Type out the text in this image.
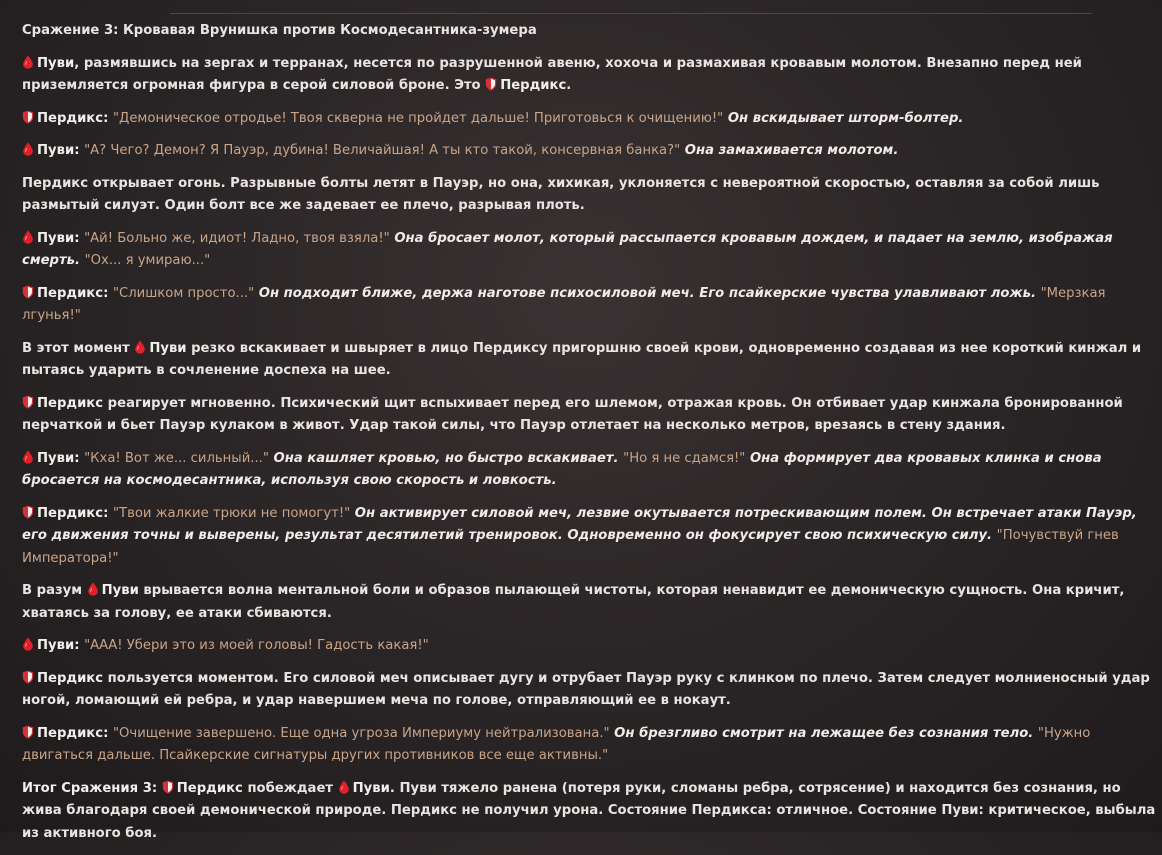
Сражение 3: Кровавая Врунишка против Космодесантника-зумера

Пуви, размявшись на зергах и терранах, несется по разрушенной авеню, хохоча и размахивая кровавым молотом. Внезапно перед ней приземляется огромная фигура в серой силовой броне. Это Пердикс.

Пердикс: "Демоническое отродье! Твоя скверна не пройдет дальше! Приготовься к очищению!" Он вскидывает шторм-болтер.

Пуви: "А? Чего? Демон? Я Пауэр, дубина! Величайшая! А ты кто такой, консервная банка?" Она замахивается молотом.

Пердикс открывает огонь. Разрывные болты летят в Пауэр, но она, хихикая, уклоняется с невероятной скоростью, оставляя за собой лишь размытый силуэт. Один болт все же задевает ее плечо, разрывая плоть.

Пуви: "Ай! Больно же, идиот! Ладно, твоя взяла!" Она бросает молот, который рассыпается кровавым дождем, и падает на землю, изображая смерть. "Ох... я умираю..."

Пердикс: "Слишком просто..." Он подходит ближе, держа наготове психосиловой меч. Его псайкерские чувства улавливают ложь. "Мерзкая лгунья!"

В этот момент Пуви резко вскакивает и швыряет в лицо Пердиксу пригоршню своей крови, одновременно создавая из нее короткий кинжал и пытаясь ударить в сочленение доспеха на шее.

Пердикс реагирует мгновенно. Психический щит вспыхивает перед его шлемом, отражая кровь. Он отбивает удар кинжала бронированной перчаткой и бьет Пауэр кулаком в живот. Удар такой силы, что Пауэр отлетает на несколько метров, врезаясь в стену здания.

Пуви: "Кха! Вот же... сильный..." Она кашляет кровью, но быстро вскакивает. "Но я не сдамся!" Она формирует два кровавых клинка и снова бросается на космодесантника, используя свою скорость и ловкость.

Пердикс: "Твои жалкие трюки не помогут!" Он активирует силовой меч, лезвие окутывается потрескивающим полем. Он встречает атаки Пауэр, его движения точны и выверены, результат десятилетий тренировок. Одновременно он фокусирует свою психическую силу. "Почувствуй гнев Императора!"

В разум Пуви врывается волна ментальной боли и образов пылающей чистоты, которая ненавидит ее демоническую сущность. Она кричит, хватаясь за голову, ее атаки сбиваются.

Пуви: "ААА! Убери это из моей головы! Гадость какая!"

Пердикс пользуется моментом. Его силовой меч описывает дугу и отрубает Пауэр руку с клинком по плечо. Затем следует молниеносный удар ногой, ломающий ей ребра, и удар навершием меча по голове, отправляющий ее в нокаут.

Пердикс: "Очищение завершено. Еще одна угроза Империуму нейтрализована." Он брезгливо смотрит на лежащее без сознания тело. "Нужно двигаться дальше. Псайкерские сигнатуры других противников все еще активны."

Итог Сражения 3: Пердикс побеждает Пуви. Пуви тяжело ранена (потеря руки, сломаны ребра, сотрясение) и находится без сознания, но жива благодаря своей демонической природе. Пердикс не получил урона. Состояние Пердикса: отличное. Состояние Пуви: критическое, выбыла из активного боя.
